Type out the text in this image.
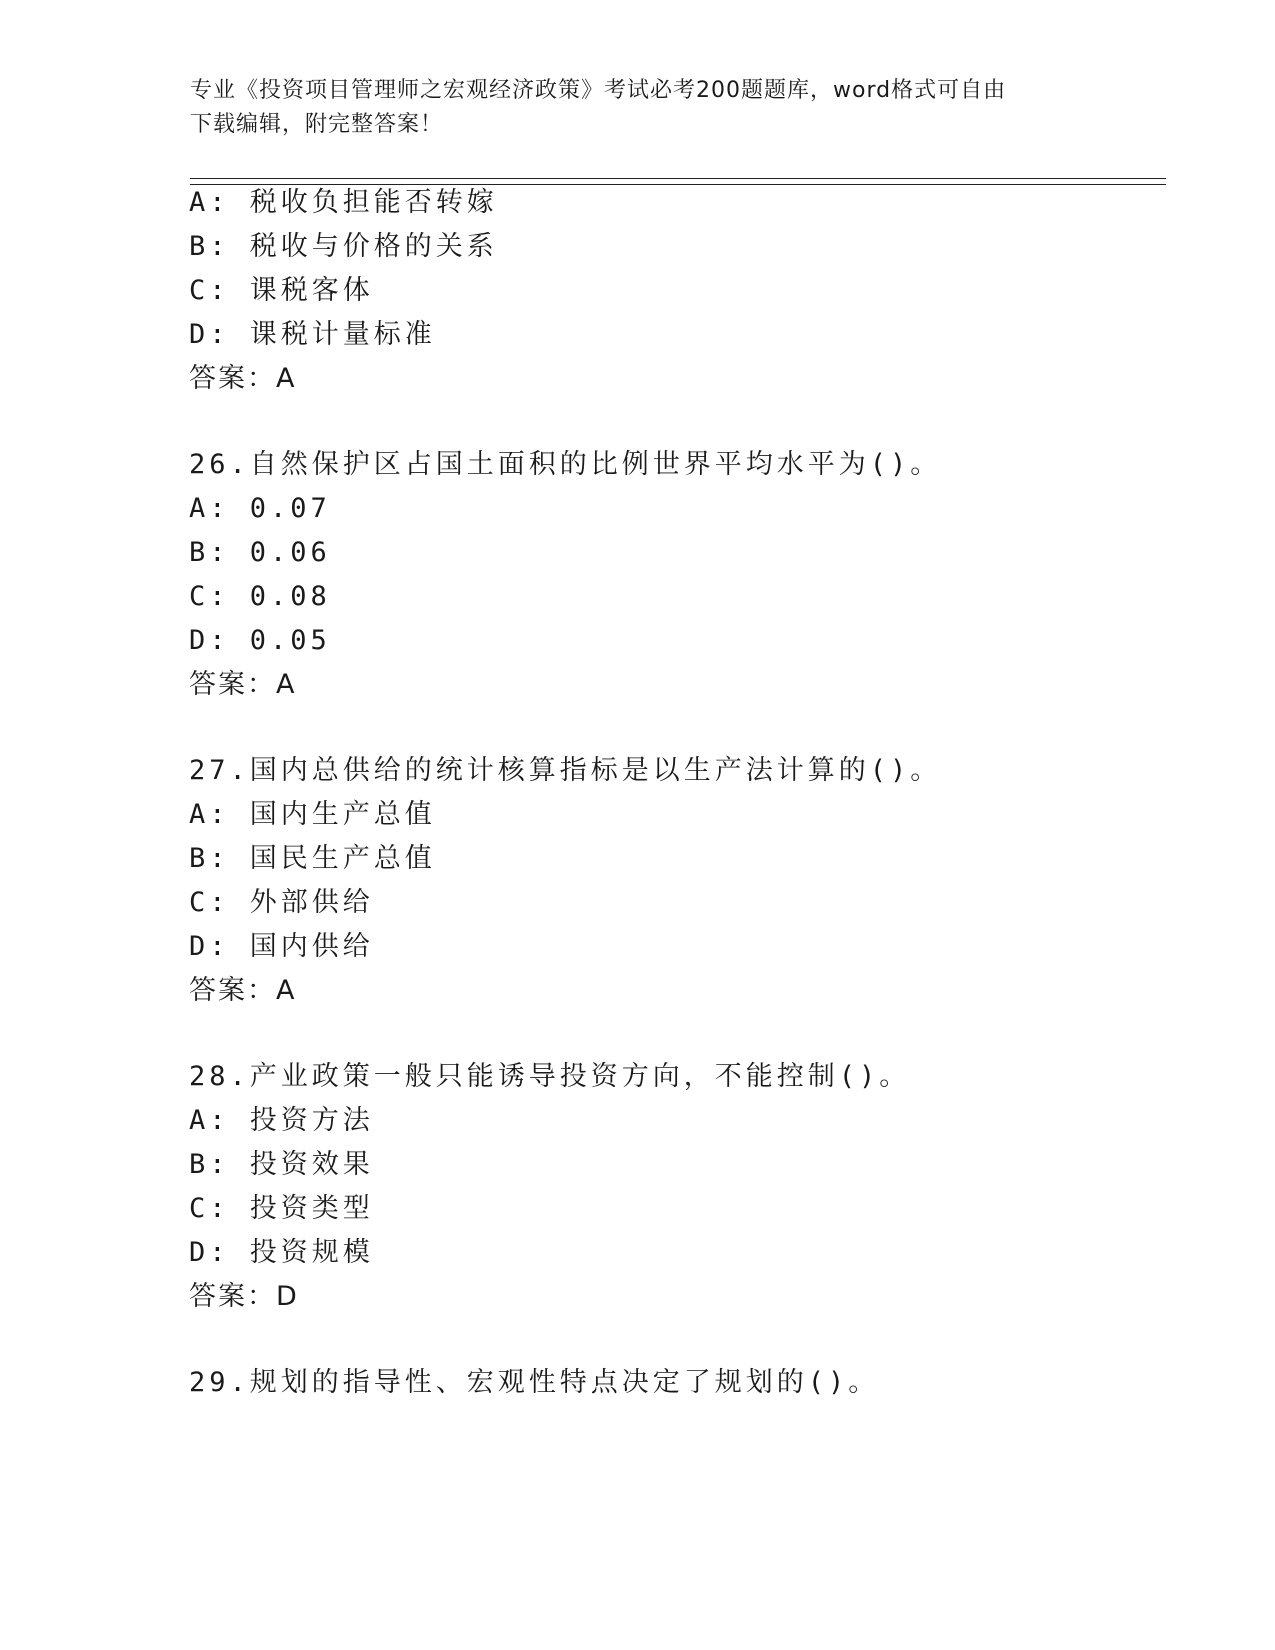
专业《投资项目管理师之宏观经济政策》考试必考200题题库，word格式可自由
下载编辑，附完整答案！
A: 税收负担能否转嫁
B: 税收与价格的关系
C: 课税客体
D: 课税计量标准
答案：A
26.自然保护区占国土面积的比例世界平均水平为()。
A: 0.07
B: 0.06
C: 0.08
D: 0.05
答案：A
27.国内总供给的统计核算指标是以生产法计算的()。
A: 国内生产总值
B: 国民生产总值
C: 外部供给
D: 国内供给
答案：A
28.产业政策一般只能诱导投资方向，不能控制()。
A: 投资方法
B: 投资效果
C: 投资类型
D: 投资规模
答案：D
29.规划的指导性、宏观性特点决定了规划的()。
